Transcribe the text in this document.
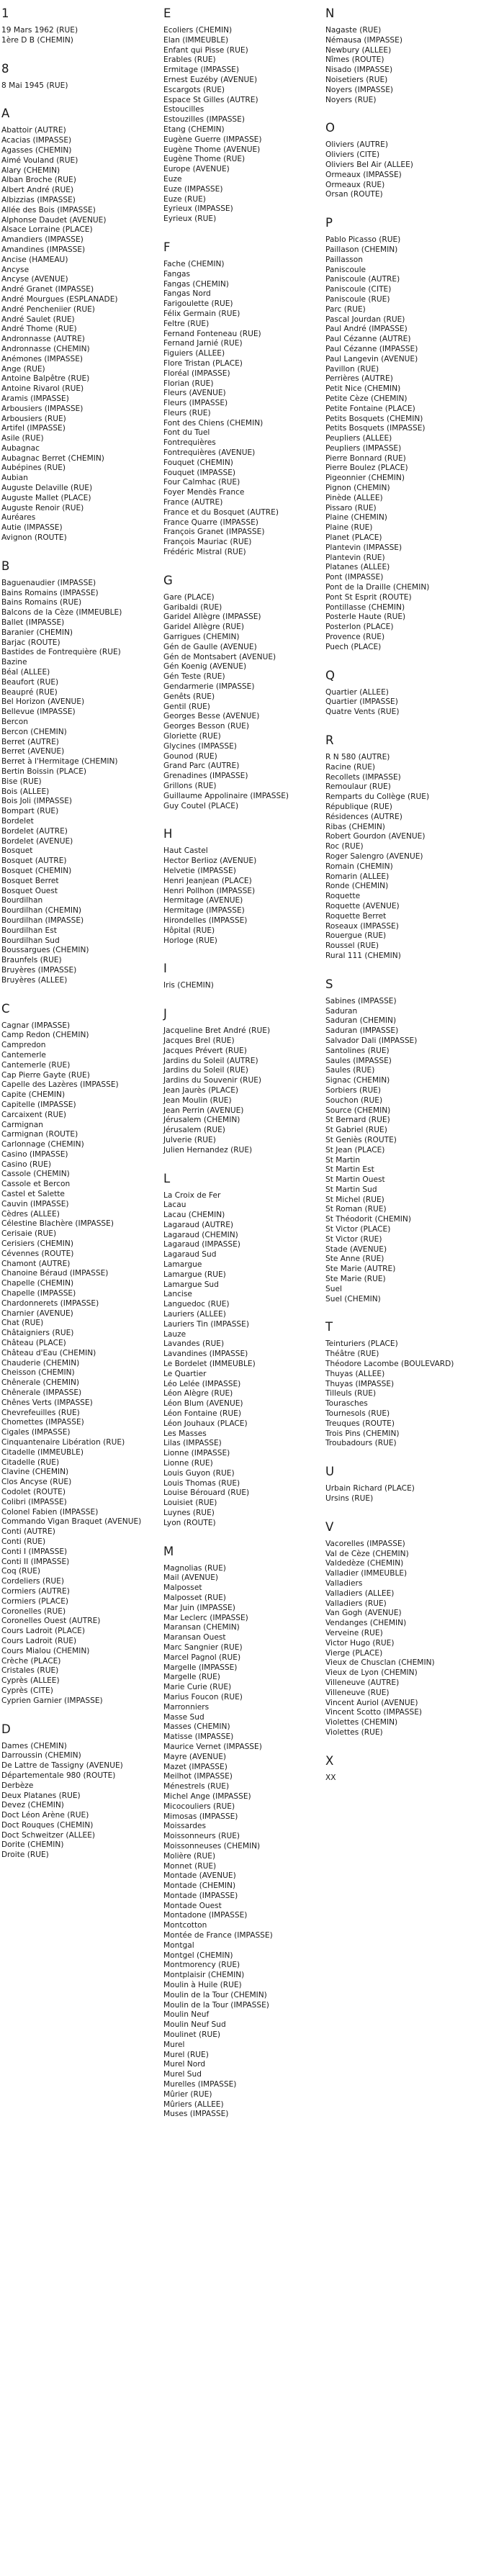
1
19 Mars 1962 (RUE)
1ère D B (CHEMIN)
8
8 Mai 1945 (RUE)
A
Abattoir (AUTRE)
Acacias (IMPASSE)
Agasses (CHEMIN)
Aimé Vouland (RUE)
Alary (CHEMIN)
Alban Broche (RUE)
Albert André (RUE)
Albizzias (IMPASSE)
Allée des Bois (IMPASSE)
Alphonse Daudet (AVENUE)
Alsace Lorraine (PLACE)
Amandiers (IMPASSE)
Amandines (IMPASSE)
Ancise (HAMEAU)
Ancyse
Ancyse (AVENUE)
André Granet (IMPASSE)
André Mourgues (ESPLANADE)
André Pencheniier (RUE)
André Saulet (RUE)
André Thome (RUE)
Andronnasse (AUTRE)
Andronnasse (CHEMIN)
Anémones (IMPASSE)
Ange (RUE)
Antoine Balpêtre (RUE)
Antoine Rivarol (RUE)
Aramis (IMPASSE)
Arbousiers (IMPASSE)
Arbousiers (RUE)
Artifel (IMPASSE)
Asile (RUE)
Aubagnac
Aubagnac Berret (CHEMIN)
Aubépines (RUE)
Aubian
Auguste Delaville (RUE)
Auguste Mallet (PLACE)
Auguste Renoir (RUE)
Auréares
Autie (IMPASSE)
Avignon (ROUTE)
B
Baguenaudier (IMPASSE)
Bains Romains (IMPASSE)
Bains Romains (RUE)
Balcons de la Cèze (IMMEUBLE)
Ballet (IMPASSE)
Baranier (CHEMIN)
Barjac (ROUTE)
Bastides de Fontrequière (RUE)
Bazine
Béal (ALLEE)
Beaufort (RUE)
Beaupré (RUE)
Bel Horizon (AVENUE)
Bellevue (IMPASSE)
Bercon
Bercon (CHEMIN)
Berret (AUTRE)
Berret (AVENUE)
Berret à l'Hermitage (CHEMIN)
Bertin Boissin (PLACE)
Bise (RUE)
Bois (ALLEE)
Bois Joli (IMPASSE)
Bompart (RUE)
Bordelet
Bordelet (AUTRE)
Bordelet (AVENUE)
Bosquet
Bosquet (AUTRE)
Bosquet (CHEMIN)
Bosquet Berret
Bosquet Ouest
Bourdilhan
Bourdilhan (CHEMIN)
Bourdilhan (IMPASSE)
Bourdilhan Est
Bourdilhan Sud
Boussargues (CHEMIN)
Braunfels (RUE)
Bruyères (IMPASSE)
Bruyères (ALLEE)
C
Cagnar (IMPASSE)
Camp Redon (CHEMIN)
Campredon
Cantemerle
Cantemerle (RUE)
Cap Pierre Gayte (RUE)
Capelle des Lazères (IMPASSE)
Capite (CHEMIN)
Capitelle (IMPASSE)
Carcaixent (RUE)
Carmignan
Carmignan (ROUTE)
Carlonnage (CHEMIN)
Casino (IMPASSE)
Casino (RUE)
Cassole (CHEMIN)
Cassole et Bercon
Castel et Salette
Cauvin (IMPASSE)
Cèdres (ALLEE)
Célestine Blachère (IMPASSE)
Cerisaie (RUE)
Cerisiers (CHEMIN)
Cévennes (ROUTE)
Chamont (AUTRE)
Chanoine Béraud (IMPASSE)
Chapelle (CHEMIN)
Chapelle (IMPASSE)
Chardonnerets (IMPASSE)
Charnier (AVENUE)
Chat (RUE)
Châtaigniers (RUE)
Château (PLACE)
Château d'Eau (CHEMIN)
Chauderie (CHEMIN)
Cheisson (CHEMIN)
Chênerale (CHEMIN)
Chênerale (IMPASSE)
Chênes Verts (IMPASSE)
Chevrefeuilles (RUE)
Chomettes (IMPASSE)
Cigales (IMPASSE)
Cinquantenaire Libération (RUE)
Citadelle (IMMEUBLE)
Citadelle (RUE)
Clavine (CHEMIN)
Clos Ancyse (RUE)
Codolet (ROUTE)
Colibri (IMPASSE)
Colonel Fabien (IMPASSE)
Commando Vigan Braquet (AVENUE)
Conti (AUTRE)
Conti (RUE)
Conti I (IMPASSE)
Conti II (IMPASSE)
Coq (RUE)
Cordeliers (RUE)
Cormiers (AUTRE)
Cormiers (PLACE)
Coronelles (RUE)
Coronelles Ouest (AUTRE)
Cours Ladroit (PLACE)
Cours Ladroit (RUE)
Cours Mialou (CHEMIN)
Crèche (PLACE)
Cristales (RUE)
Cyprès (ALLEE)
Cyprès (CITE)
Cyprien Garnier (IMPASSE)
D
Dames (CHEMIN)
Darroussin (CHEMIN)
De Lattre de Tassigny (AVENUE)
Départementale 980 (ROUTE)
Derbèze
Deux Platanes (RUE)
Devez (CHEMIN)
Doct Léon Arène (RUE)
Doct Rouques (CHEMIN)
Doct Schweitzer (ALLEE)
Dorite (CHEMIN)
Droite (RUE)
E
Ecoliers (CHEMIN)
Elan (IMMEUBLE)
Enfant qui Pisse (RUE)
Erables (RUE)
Ermitage (IMPASSE)
Ernest Euzéby (AVENUE)
Escargots (RUE)
Espace St Gilles (AUTRE)
Estoucilles
Estouzilles (IMPASSE)
Etang (CHEMIN)
Eugène Guerre (IMPASSE)
Eugène Thome (AVENUE)
Eugène Thome (RUE)
Europe (AVENUE)
Euze
Euze (IMPASSE)
Euze (RUE)
Eyrieux (IMPASSE)
Eyrieux (RUE)
F
Fache (CHEMIN)
Fangas
Fangas (CHEMIN)
Fangas Nord
Farigoulette (RUE)
Félix Germain (RUE)
Feltre (RUE)
Fernand Fonteneau (RUE)
Fernand Jarnié (RUE)
Figuiers (ALLEE)
Flore Tristan (PLACE)
Floréal (IMPASSE)
Florian (RUE)
Fleurs (AVENUE)
Fleurs (IMPASSE)
Fleurs (RUE)
Font des Chiens (CHEMIN)
Font du Tuel
Fontrequières
Fontrequières (AVENUE)
Fouquet (CHEMIN)
Fouquet (IMPASSE)
Four Calmhac (RUE)
Foyer Mendès France
France (AUTRE)
France et du Bosquet (AUTRE)
France Quarre (IMPASSE)
François Granet (IMPASSE)
François Mauriac (RUE)
Frédéric Mistral (RUE)
G
Gare (PLACE)
Garibaldi (RUE)
Garidel Allègre (IMPASSE)
Garidel Allègre (RUE)
Garrigues (CHEMIN)
Gén de Gaulle (AVENUE)
Gén de Montsabert (AVENUE)
Gén Koenig (AVENUE)
Gén Teste (RUE)
Gendarmerie (IMPASSE)
Genêts (RUE)
Gentil (RUE)
Georges Besse (AVENUE)
Georges Besson (RUE)
Gloriette (RUE)
Glycines (IMPASSE)
Gounod (RUE)
Grand Parc (AUTRE)
Grenadines (IMPASSE)
Grillons (RUE)
Guillaume Appolinaire (IMPASSE)
Guy Coutel (PLACE)
H
Haut Castel
Hector Berlioz (AVENUE)
Helvetie (IMPASSE)
Henri Jeanjean (PLACE)
Henri Pollhon (IMPASSE)
Hermitage (AVENUE)
Hermitage (IMPASSE)
Hirondelles (IMPASSE)
Hôpital (RUE)
Horloge (RUE)
I
Iris (CHEMIN)
J
Jacqueline Bret André (RUE)
Jacques Brel (RUE)
Jacques Prévert (RUE)
Jardins du Soleil (AUTRE)
Jardins du Soleil (RUE)
Jardins du Souvenir (RUE)
Jean Jaurès (PLACE)
Jean Moulin (RUE)
Jean Perrin (AVENUE)
Jérusalem (CHEMIN)
Jérusalem (RUE)
Julverie (RUE)
Julien Hernandez (RUE)
L
La Croix de Fer
Lacau
Lacau (CHEMIN)
Lagaraud (AUTRE)
Lagaraud (CHEMIN)
Lagaraud (IMPASSE)
Lagaraud Sud
Lamargue
Lamargue (RUE)
Lamargue Sud
Lancise
Languedoc (RUE)
Lauriers (ALLEE)
Lauriers Tin (IMPASSE)
Lauze
Lavandes (RUE)
Lavandines (IMPASSE)
Le Bordelet (IMMEUBLE)
Le Quartier
Léo Lelée (IMPASSE)
Léon Alègre (RUE)
Léon Blum (AVENUE)
Léon Fontaine (RUE)
Léon Jouhaux (PLACE)
Les Masses
Lilas (IMPASSE)
Lionne (IMPASSE)
Lionne (RUE)
Louis Guyon (RUE)
Louis Thomas (RUE)
Louise Bérouard (RUE)
Louisiet (RUE)
Luynes (RUE)
Lyon (ROUTE)
M
Magnolias (RUE)
Mail (AVENUE)
Malposset
Malposset (RUE)
Mar Juin (IMPASSE)
Mar Leclerc (IMPASSE)
Maransan (CHEMIN)
Maransan Ouest
Marc Sangnier (RUE)
Marcel Pagnol (RUE)
Margelle (IMPASSE)
Margelle (RUE)
Marie Curie (RUE)
Marius Foucon (RUE)
Marronniers
Masse Sud
Masses (CHEMIN)
Matisse (IMPASSE)
Maurice Vernet (IMPASSE)
Mayre (AVENUE)
Mazet (IMPASSE)
Meilhot (IMPASSE)
Ménestrels (RUE)
Michel Ange (IMPASSE)
Micocouliers (RUE)
Mimosas (IMPASSE)
Moissardes
Moissonneurs (RUE)
Moissonneuses (CHEMIN)
Molière (RUE)
Monnet (RUE)
Montade (AVENUE)
Montade (CHEMIN)
Montade (IMPASSE)
Montade Ouest
Montadone (IMPASSE)
Montcotton
Montée de France (IMPASSE)
Montgal
Montgel (CHEMIN)
Montmorency (RUE)
Montplaisir (CHEMIN)
Moulin à Huile (RUE)
Moulin de la Tour (CHEMIN)
Moulin de la Tour (IMPASSE)
Moulin Neuf
Moulin Neuf Sud
Moulinet (RUE)
Murel
Murel (RUE)
Murel Nord
Murel Sud
Murelles (IMPASSE)
Mûrier (RUE)
Mûriers (ALLEE)
Muses (IMPASSE)
N
Nagaste (RUE)
Némausa (IMPASSE)
Newbury (ALLEE)
Nîmes (ROUTE)
Nisado (IMPASSE)
Noisetiers (RUE)
Noyers (IMPASSE)
Noyers (RUE)
O
Oliviers (AUTRE)
Oliviers (CITE)
Oliviers Bel Air (ALLEE)
Ormeaux (IMPASSE)
Ormeaux (RUE)
Orsan (ROUTE)
P
Pablo Picasso (RUE)
Paillason (CHEMIN)
Paillasson
Paniscoule
Paniscoule (AUTRE)
Paniscoule (CITE)
Paniscoule (RUE)
Parc (RUE)
Pascal Jourdan (RUE)
Paul André (IMPASSE)
Paul Cézanne (AUTRE)
Paul Cézanne (IMPASSE)
Paul Langevin (AVENUE)
Pavillon (RUE)
Perrières (AUTRE)
Petit Nice (CHEMIN)
Petite Cèze (CHEMIN)
Petite Fontaine (PLACE)
Petits Bosquets (CHEMIN)
Petits Bosquets (IMPASSE)
Peupliers (ALLEE)
Peupliers (IMPASSE)
Pierre Bonnard (RUE)
Pierre Boulez (PLACE)
Pigeonnier (CHEMIN)
Pignon (CHEMIN)
Pinède (ALLEE)
Pissaro (RUE)
Plaine (CHEMIN)
Plaine (RUE)
Planet (PLACE)
Plantevin (IMPASSE)
Plantevin (RUE)
Platanes (ALLEE)
Pont (IMPASSE)
Pont de la Draille (CHEMIN)
Pont St Esprit (ROUTE)
Pontillasse (CHEMIN)
Posterle Haute (RUE)
Posterlon (PLACE)
Provence (RUE)
Puech (PLACE)
Q
Quartier (ALLEE)
Quartier (IMPASSE)
Quatre Vents (RUE)
R
R N 580 (AUTRE)
Racine (RUE)
Recollets (IMPASSE)
Remoulaur (RUE)
Remparts du Collège (RUE)
République (RUE)
Résidences (AUTRE)
Ribas (CHEMIN)
Robert Gourdon (AVENUE)
Roc (RUE)
Roger Salengro (AVENUE)
Romain (CHEMIN)
Romarin (ALLEE)
Ronde (CHEMIN)
Roquette
Roquette (AVENUE)
Roquette Berret
Roseaux (IMPASSE)
Rouergue (RUE)
Roussel (RUE)
Rural 111 (CHEMIN)
S
Sabines (IMPASSE)
Saduran
Saduran (CHEMIN)
Saduran (IMPASSE)
Salvador Dali (IMPASSE)
Santolines (RUE)
Saules (IMPASSE)
Saules (RUE)
Signac (CHEMIN)
Sorbiers (RUE)
Souchon (RUE)
Source (CHEMIN)
St Bernard (RUE)
St Gabriel (RUE)
St Geniès (ROUTE)
St Jean (PLACE)
St Martin
St Martin Est
St Martin Ouest
St Martin Sud
St Michel (RUE)
St Roman (RUE)
St Théodorit (CHEMIN)
St Victor (PLACE)
St Victor (RUE)
Stade (AVENUE)
Ste Anne (RUE)
Ste Marie (AUTRE)
Ste Marie (RUE)
Suel
Suel (CHEMIN)
T
Teinturiers (PLACE)
Théâtre (RUE)
Théodore Lacombe (BOULEVARD)
Thuyas (ALLEE)
Thuyas (IMPASSE)
Tilleuls (RUE)
Tourasches
Tournesols (RUE)
Treuques (ROUTE)
Trois Pins (CHEMIN)
Troubadours (RUE)
U
Urbain Richard (PLACE)
Ursins (RUE)
V
Vacorelles (IMPASSE)
Val de Cèze (CHEMIN)
Valdedèze (CHEMIN)
Valladier (IMMEUBLE)
Valladiers
Valladiers (ALLEE)
Valladiers (RUE)
Van Gogh (AVENUE)
Vendanges (CHEMIN)
Verveine (RUE)
Victor Hugo (RUE)
Vierge (PLACE)
Vieux de Chusclan (CHEMIN)
Vieux de Lyon (CHEMIN)
Villeneuve (AUTRE)
Villeneuve (RUE)
Vincent Auriol (AVENUE)
Vincent Scotto (IMPASSE)
Violettes (CHEMIN)
Violettes (RUE)
X
XX
